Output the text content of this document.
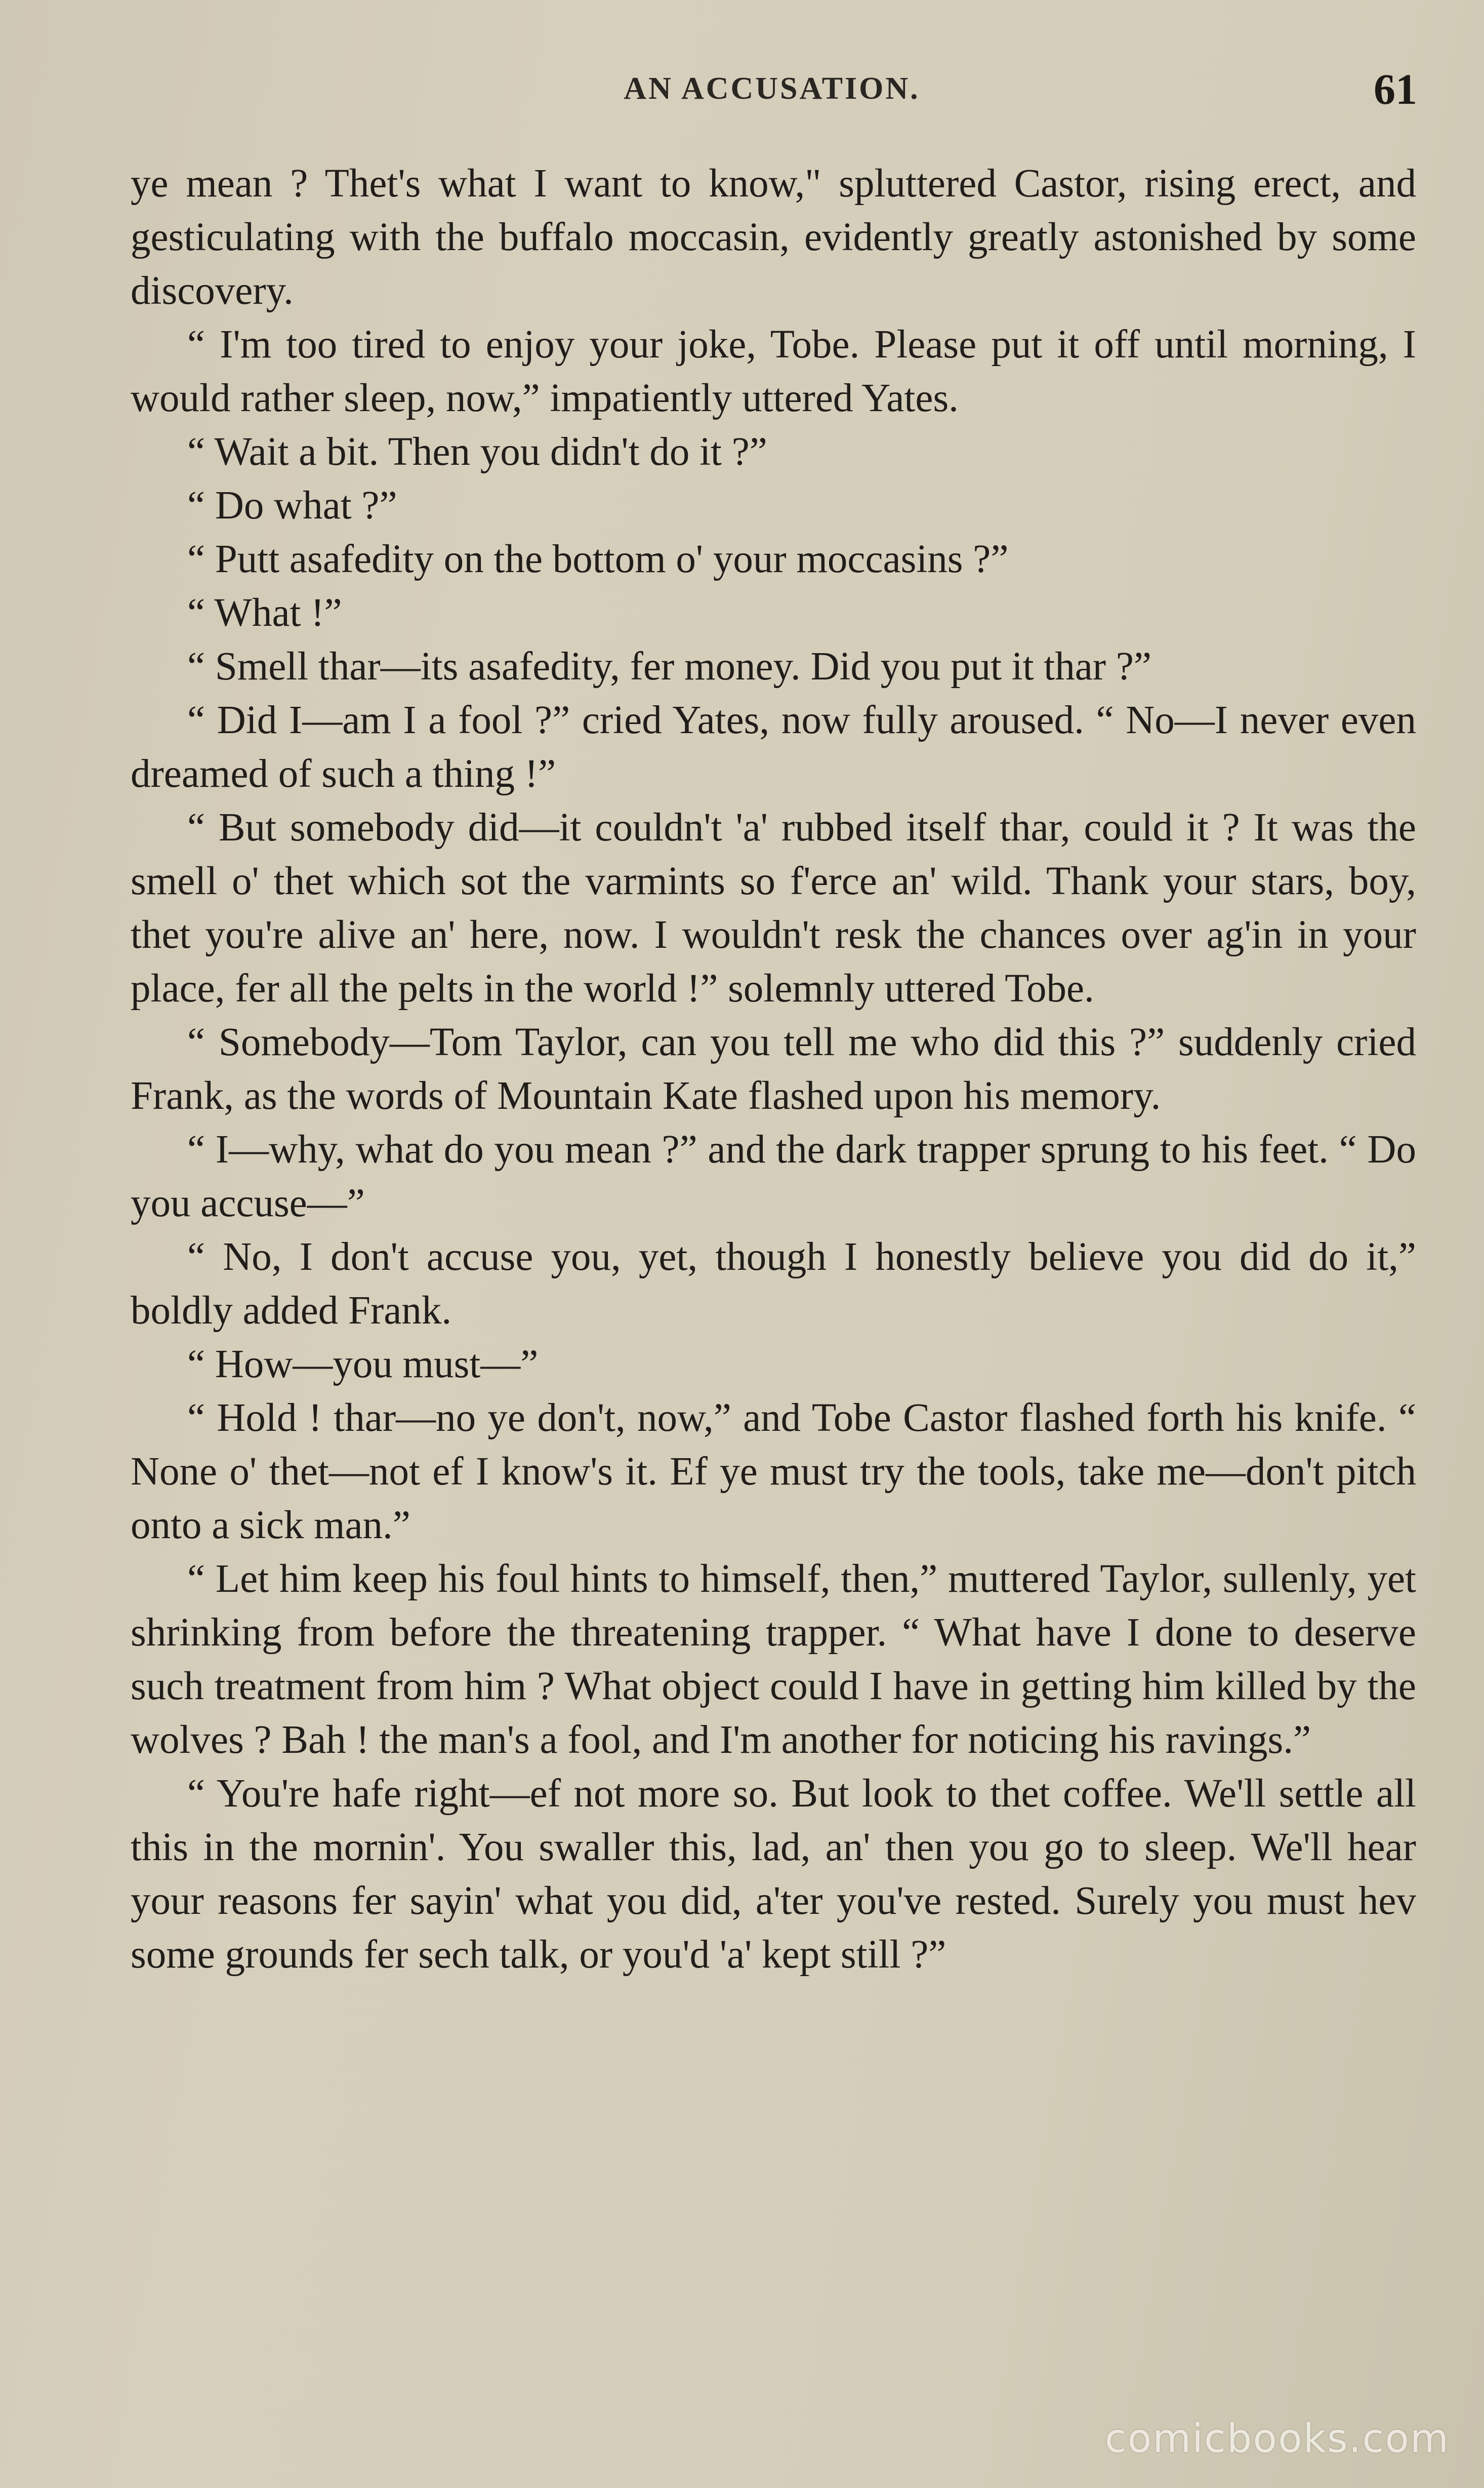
AN ACCUSATION.	61

ye mean ? Thet's what I want to know," spluttered Castor, rising erect, and gesticulating with the buffalo moccasin, evidently greatly astonished by some discovery.

“ I'm too tired to enjoy your joke, Tobe. Please put it off until morning, I would rather sleep, now,” impatiently uttered Yates.

“ Wait a bit. Then you didn't do it ?”

“ Do what ?”

“ Putt asafedity on the bottom o' your moccasins ?”

“ What !”

“ Smell thar—its asafedity, fer money. Did you put it thar ?”

“ Did I—am I a fool ?” cried Yates, now fully aroused. “ No—I never even dreamed of such a thing !”

“ But somebody did—it couldn't 'a' rubbed itself thar, could it ? It was the smell o' thet which sot the varmints so f'erce an' wild. Thank your stars, boy, thet you're alive an' here, now. I wouldn't resk the chances over ag'in in your place, fer all the pelts in the world !” solemnly uttered Tobe.

“ Somebody—Tom Taylor, can you tell me who did this ?” suddenly cried Frank, as the words of Mountain Kate flashed upon his memory.

“ I—why, what do you mean ?” and the dark trapper sprung to his feet. “ Do you accuse—”

“ No, I don't accuse you, yet, though I honestly believe you did do it,” boldly added Frank.

“ How—you must—”

“ Hold ! thar—no ye don't, now,” and Tobe Castor flashed forth his knife. “ None o' thet—not ef I know's it. Ef ye must try the tools, take me—don't pitch onto a sick man.”

“ Let him keep his foul hints to himself, then,” muttered Taylor, sullenly, yet shrinking from before the threatening trapper. “ What have I done to deserve such treatment from him ? What object could I have in getting him killed by the wolves ? Bah ! the man's a fool, and I'm another for noticing his ravings.”

“ You're hafe right—ef not more so. But look to thet coffee. We'll settle all this in the mornin'. You swaller this, lad, an' then you go to sleep. We'll hear your reasons fer sayin' what you did, a'ter you've rested. Surely you must hev some grounds fer sech talk, or you'd 'a' kept still ?”

comicbooks.com
